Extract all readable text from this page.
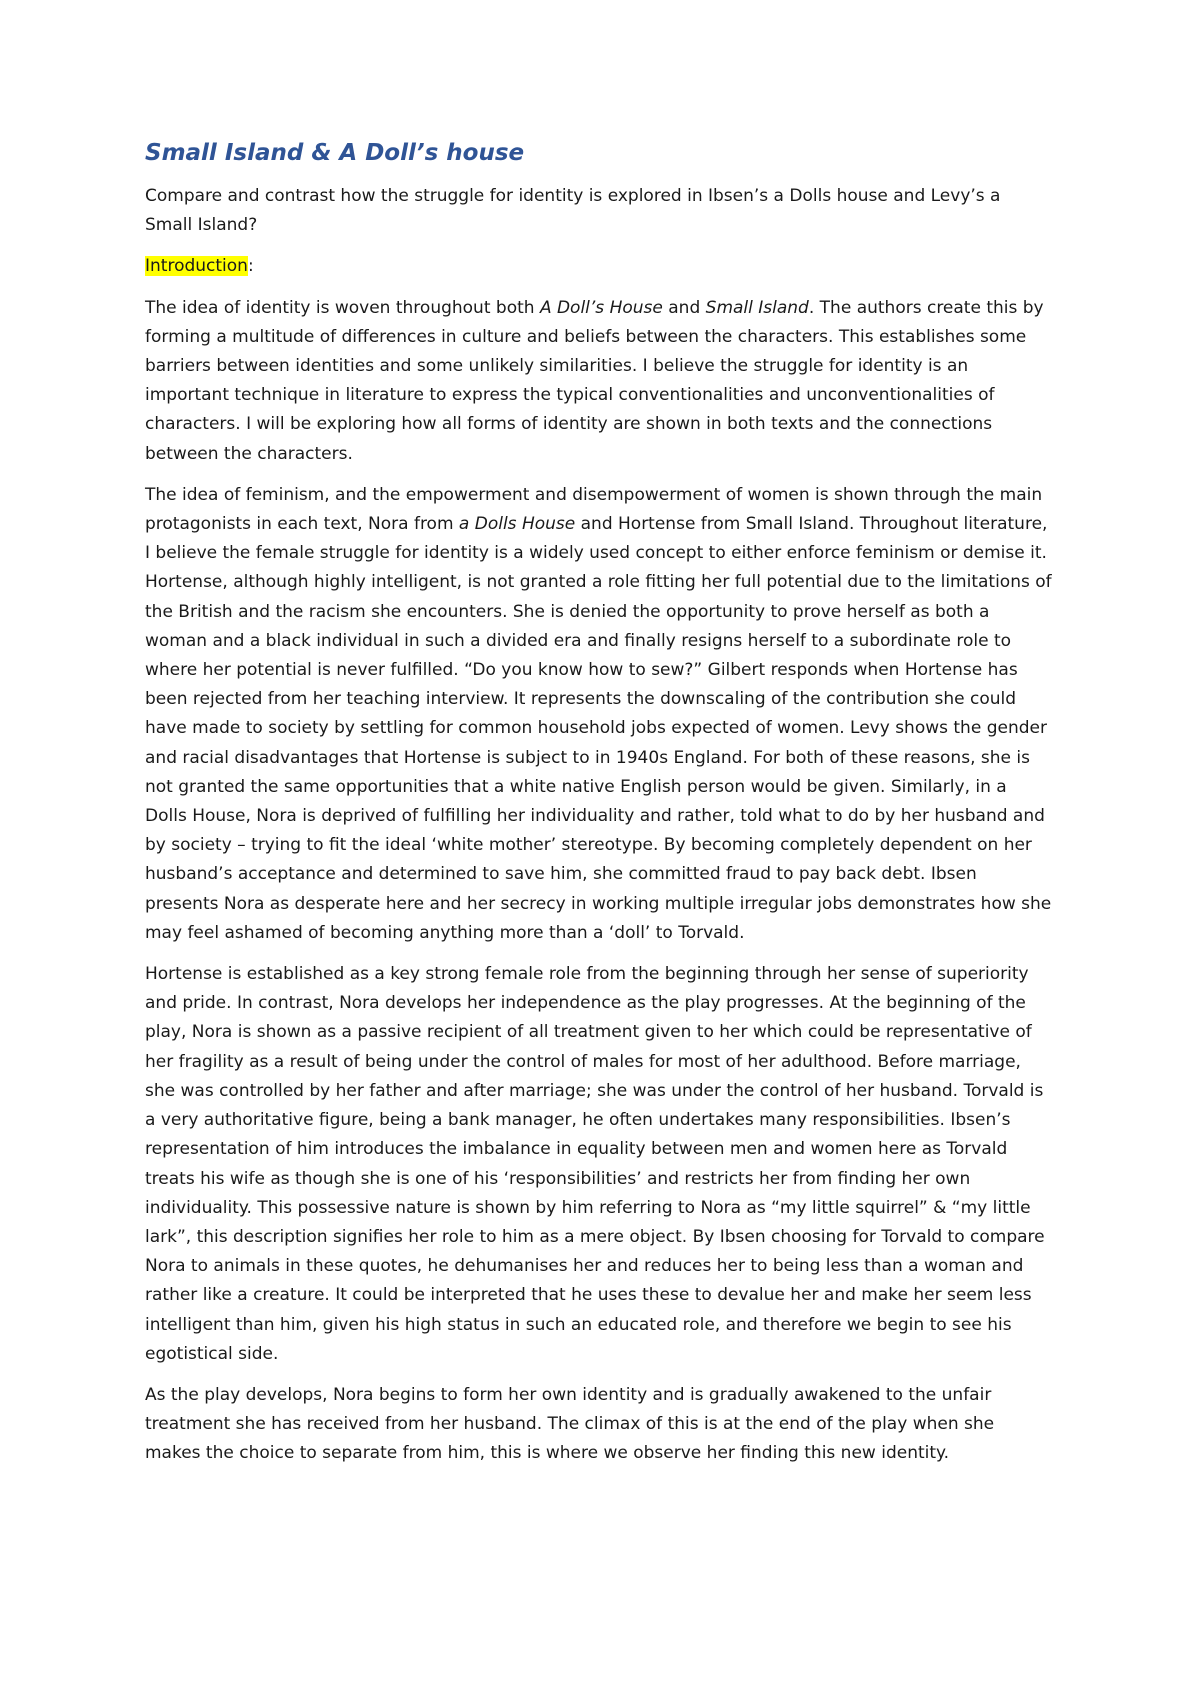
Small Island & A Doll’s house

Compare and contrast how the struggle for identity is explored in Ibsen’s a Dolls house and Levy’s a Small Island?

Introduction:

The idea of identity is woven throughout both A Doll’s House and Small Island. The authors create this by forming a multitude of differences in culture and beliefs between the characters. This establishes some barriers between identities and some unlikely similarities. I believe the struggle for identity is an important technique in literature to express the typical conventionalities and unconventionalities of characters. I will be exploring how all forms of identity are shown in both texts and the connections between the characters.

The idea of feminism, and the empowerment and disempowerment of women is shown through the main protagonists in each text, Nora from a Dolls House and Hortense from Small Island. Throughout literature, I believe the female struggle for identity is a widely used concept to either enforce feminism or demise it. Hortense, although highly intelligent, is not granted a role fitting her full potential due to the limitations of the British and the racism she encounters. She is denied the opportunity to prove herself as both a woman and a black individual in such a divided era and finally resigns herself to a subordinate role to where her potential is never fulfilled. “Do you know how to sew?” Gilbert responds when Hortense has been rejected from her teaching interview. It represents the downscaling of the contribution she could have made to society by settling for common household jobs expected of women. Levy shows the gender and racial disadvantages that Hortense is subject to in 1940s England. For both of these reasons, she is not granted the same opportunities that a white native English person would be given. Similarly, in a Dolls House, Nora is deprived of fulfilling her individuality and rather, told what to do by her husband and by society – trying to fit the ideal ‘white mother’ stereotype. By becoming completely dependent on her husband’s acceptance and determined to save him, she committed fraud to pay back debt. Ibsen presents Nora as desperate here and her secrecy in working multiple irregular jobs demonstrates how she may feel ashamed of becoming anything more than a ‘doll’ to Torvald.

Hortense is established as a key strong female role from the beginning through her sense of superiority and pride. In contrast, Nora develops her independence as the play progresses. At the beginning of the play, Nora is shown as a passive recipient of all treatment given to her which could be representative of her fragility as a result of being under the control of males for most of her adulthood. Before marriage, she was controlled by her father and after marriage; she was under the control of her husband. Torvald is a very authoritative figure, being a bank manager, he often undertakes many responsibilities. Ibsen’s representation of him introduces the imbalance in equality between men and women here as Torvald treats his wife as though she is one of his ‘responsibilities’ and restricts her from finding her own individuality. This possessive nature is shown by him referring to Nora as “my little squirrel” & “my little lark”, this description signifies her role to him as a mere object. By Ibsen choosing for Torvald to compare Nora to animals in these quotes, he dehumanises her and reduces her to being less than a woman and rather like a creature. It could be interpreted that he uses these to devalue her and make her seem less intelligent than him, given his high status in such an educated role, and therefore we begin to see his egotistical side.

As the play develops, Nora begins to form her own identity and is gradually awakened to the unfair treatment she has received from her husband. The climax of this is at the end of the play when she makes the choice to separate from him, this is where we observe her finding this new identity.
